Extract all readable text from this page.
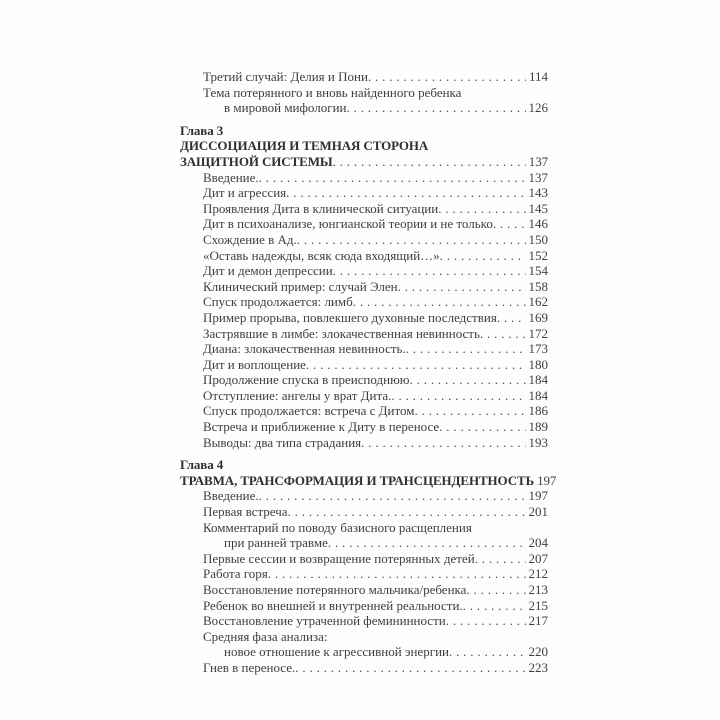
Третий случай: Делия и Пони . . .	114
Тема потерянного и вновь найденного ребенка
в мировой мифологии . . .	126
Глава 3
ДИССОЦИАЦИЯ И ТЕМНАЯ СТОРОНА
ЗАЩИТНОЙ СИСТЕМЫ . . .	137
Введение. . . .	137
Дит и агрессия . . .	143
Проявления Дита в клинической ситуации . . .	145
Дит в психоанализе, юнгианской теории и не только . . .	146
Схождение в Ад. . . .	150
«Оставь надежды, всяк сюда входящий…» . . .	152
Дит и демон депрессии . . .	154
Клинический пример: случай Элен . . .	158
Спуск продолжается: лимб . . .	162
Пример прорыва, повлекшего духовные последствия . . . 169
Застрявшие в лимбе: злокачественная невинность . . .	172
Диана: злокачественная невинность. . . .	173
Дит и воплощение . . .	180
Продолжение спуска в преисподнюю . . .	184
Отступление: ангелы у врат Дита. . . .	184
Спуск продолжается: встреча с Дитом . . .	186
Встреча и приближение к Диту в переносе . . .	189
Выводы: два типа страдания . . .	193
Глава 4
ТРАВМА, ТРАНСФОРМАЦИЯ И ТРАНСЦЕНДЕНТНОСТЬ 197
Введение. . . .	197
Первая встреча . . .	201
Комментарий по поводу базисного расщепления
при ранней травме . . .	204
Первые сессии и возвращение потерянных детей . . .	207
Работа горя . . .	212
Восстановление потерянного мальчика/ребенка . . .	213
Ребенок во внешней и внутренней реальности. . . .	215
Восстановление утраченной фемининности . . .	217
Средняя фаза анализа:
новое отношение к агрессивной энергии . . .	220
Гнев в переносе. . . .	223
